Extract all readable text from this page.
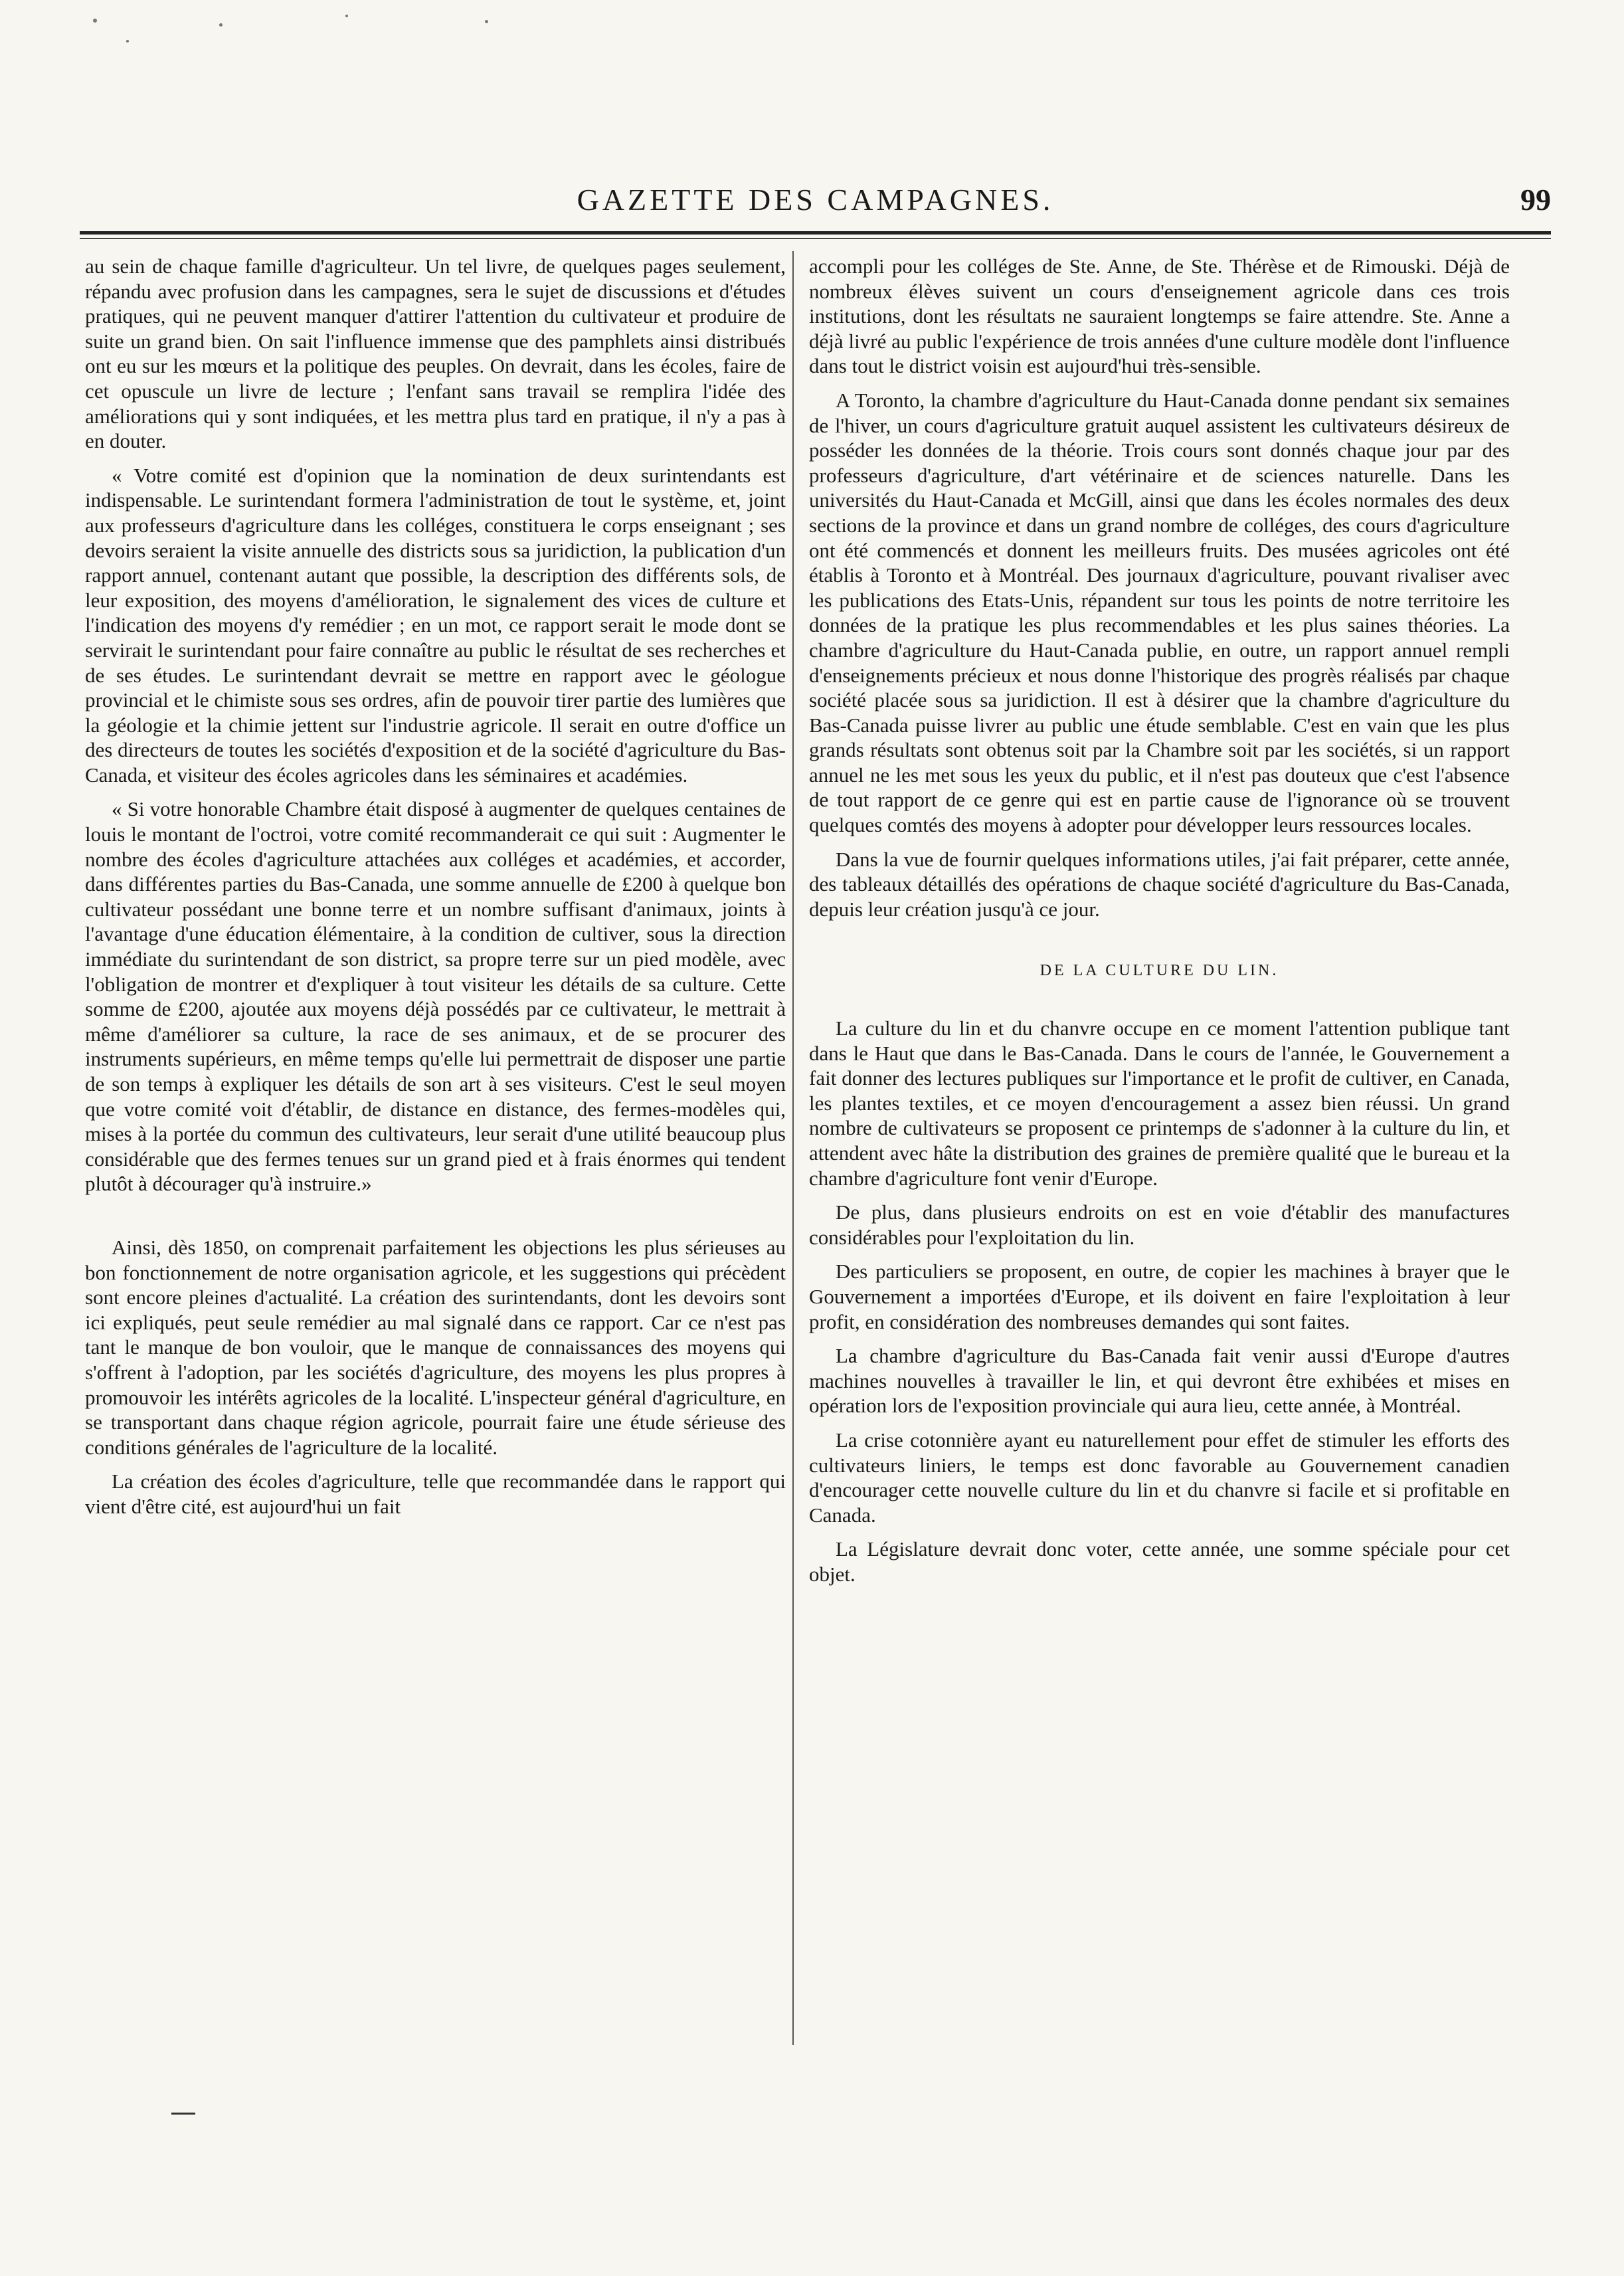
GAZETTE DES CAMPAGNES.	99

au sein de chaque famille d'agriculteur. Un tel livre, de quelques pages seulement, répandu avec profusion dans les campagnes, sera le sujet de discussions et d'études pratiques, qui ne peuvent manquer d'attirer l'attention du cultivateur et produire de suite un grand bien. On sait l'influence immense que des pamphlets ainsi distribués ont eu sur les mœurs et la politique des peuples. On devrait, dans les écoles, faire de cet opuscule un livre de lecture ; l'enfant sans travail se remplira l'idée des améliorations qui y sont indiquées, et les mettra plus tard en pratique, il n'y a pas à en douter.

« Votre comité est d'opinion que la nomination de deux surintendants est indispensable. Le surintendant formera l'administration de tout le système, et, joint aux professeurs d'agriculture dans les colléges, constituera le corps enseignant ; ses devoirs seraient la visite annuelle des districts sous sa juridiction, la publication d'un rapport annuel, contenant autant que possible, la description des différents sols, de leur exposition, des moyens d'amélioration, le signalement des vices de culture et l'indication des moyens d'y remédier ; en un mot, ce rapport serait le mode dont se servirait le surintendant pour faire connaître au public le résultat de ses recherches et de ses études. Le surintendant devrait se mettre en rapport avec le géologue provincial et le chimiste sous ses ordres, afin de pouvoir tirer partie des lumières que la géologie et la chimie jettent sur l'industrie agricole. Il serait en outre d'office un des directeurs de toutes les sociétés d'exposition et de la société d'agriculture du Bas-Canada, et visiteur des écoles agricoles dans les séminaires et académies.

« Si votre honorable Chambre était disposé à augmenter de quelques centaines de louis le montant de l'octroi, votre comité recommanderait ce qui suit : Augmenter le nombre des écoles d'agriculture attachées aux colléges et académies, et accorder, dans différentes parties du Bas-Canada, une somme annuelle de £200 à quelque bon cultivateur possédant une bonne terre et un nombre suffisant d'animaux, joints à l'avantage d'une éducation élémentaire, à la condition de cultiver, sous la direction immédiate du surintendant de son district, sa propre terre sur un pied modèle, avec l'obligation de montrer et d'expliquer à tout visiteur les détails de sa culture. Cette somme de £200, ajoutée aux moyens déjà possédés par ce cultivateur, le mettrait à même d'améliorer sa culture, la race de ses animaux, et de se procurer des instruments supérieurs, en même temps qu'elle lui permettrait de disposer une partie de son temps à expliquer les détails de son art à ses visiteurs. C'est le seul moyen que votre comité voit d'établir, de distance en distance, des fermes-modèles qui, mises à la portée du commun des cultivateurs, leur serait d'une utilité beaucoup plus considérable que des fermes tenues sur un grand pied et à frais énormes qui tendent plutôt à décourager qu'à instruire.»

Ainsi, dès 1850, on comprenait parfaitement les objections les plus sérieuses au bon fonctionnement de notre organisation agricole, et les suggestions qui précèdent sont encore pleines d'actualité. La création des surintendants, dont les devoirs sont ici expliqués, peut seule remédier au mal signalé dans ce rapport. Car ce n'est pas tant le manque de bon vouloir, que le manque de connaissances des moyens qui s'offrent à l'adoption, par les sociétés d'agriculture, des moyens les plus propres à promouvoir les intérêts agricoles de la localité. L'inspecteur général d'agriculture, en se transportant dans chaque région agricole, pourrait faire une étude sérieuse des conditions générales de l'agriculture de la localité.

La création des écoles d'agriculture, telle que recommandée dans le rapport qui vient d'être cité, est aujourd'hui un fait

accompli pour les colléges de Ste. Anne, de Ste. Thérèse et de Rimouski. Déjà de nombreux élèves suivent un cours d'enseignement agricole dans ces trois institutions, dont les résultats ne sauraient longtemps se faire attendre. Ste. Anne a déjà livré au public l'expérience de trois années d'une culture modèle dont l'influence dans tout le district voisin est aujourd'hui très-sensible.

A Toronto, la chambre d'agriculture du Haut-Canada donne pendant six semaines de l'hiver, un cours d'agriculture gratuit auquel assistent les cultivateurs désireux de posséder les données de la théorie. Trois cours sont donnés chaque jour par des professeurs d'agriculture, d'art vétérinaire et de sciences naturelle. Dans les universités du Haut-Canada et McGill, ainsi que dans les écoles normales des deux sections de la province et dans un grand nombre de colléges, des cours d'agriculture ont été commencés et donnent les meilleurs fruits. Des musées agricoles ont été établis à Toronto et à Montréal. Des journaux d'agriculture, pouvant rivaliser avec les publications des Etats-Unis, répandent sur tous les points de notre territoire les données de la pratique les plus recommendables et les plus saines théories. La chambre d'agriculture du Haut-Canada publie, en outre, un rapport annuel rempli d'enseignements précieux et nous donne l'historique des progrès réalisés par chaque société placée sous sa juridiction. Il est à désirer que la chambre d'agriculture du Bas-Canada puisse livrer au public une étude semblable. C'est en vain que les plus grands résultats sont obtenus soit par la Chambre soit par les sociétés, si un rapport annuel ne les met sous les yeux du public, et il n'est pas douteux que c'est l'absence de tout rapport de ce genre qui est en partie cause de l'ignorance où se trouvent quelques comtés des moyens à adopter pour développer leurs ressources locales.

Dans la vue de fournir quelques informations utiles, j'ai fait préparer, cette année, des tableaux détaillés des opérations de chaque société d'agriculture du Bas-Canada, depuis leur création jusqu'à ce jour.

DE LA CULTURE DU LIN.

La culture du lin et du chanvre occupe en ce moment l'attention publique tant dans le Haut que dans le Bas-Canada. Dans le cours de l'année, le Gouvernement a fait donner des lectures publiques sur l'importance et le profit de cultiver, en Canada, les plantes textiles, et ce moyen d'encouragement a assez bien réussi. Un grand nombre de cultivateurs se proposent ce printemps de s'adonner à la culture du lin, et attendent avec hâte la distribution des graines de première qualité que le bureau et la chambre d'agriculture font venir d'Europe.

De plus, dans plusieurs endroits on est en voie d'établir des manufactures considérables pour l'exploitation du lin.

Des particuliers se proposent, en outre, de copier les machines à brayer que le Gouvernement a importées d'Europe, et ils doivent en faire l'exploitation à leur profit, en considération des nombreuses demandes qui sont faites.

La chambre d'agriculture du Bas-Canada fait venir aussi d'Europe d'autres machines nouvelles à travailler le lin, et qui devront être exhibées et mises en opération lors de l'exposition provinciale qui aura lieu, cette année, à Montréal.

La crise cotonnière ayant eu naturellement pour effet de stimuler les efforts des cultivateurs liniers, le temps est donc favorable au Gouvernement canadien d'encourager cette nouvelle culture du lin et du chanvre si facile et si profitable en Canada.

La Législature devrait donc voter, cette année, une somme spéciale pour cet objet.
